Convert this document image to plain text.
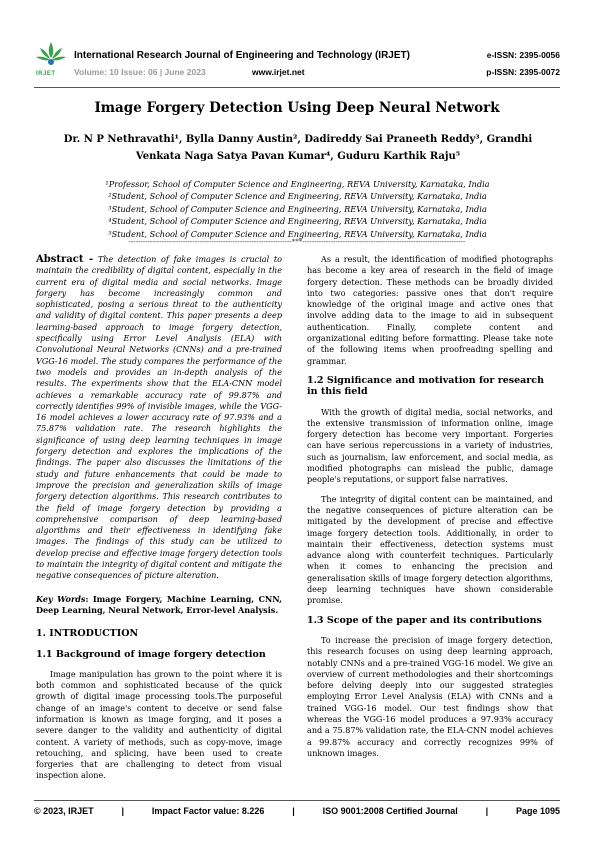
IRJET
International Research Journal of Engineering and Technology (IRJET)	e-ISSN: 2395-0056
Volume: 10 Issue: 06 | June 2023	www.irjet.net	p-ISSN: 2395-0072
Image Forgery Detection Using Deep Neural Network
Dr. N P Nethravathi¹, Bylla Danny Austin², Dadireddy Sai Praneeth Reddy³, Grandhi Venkata Naga Satya Pavan Kumar⁴, Guduru Karthik Raju⁵
¹Professor, School of Computer Science and Engineering, REVA University, Karnataka, India
²Student, School of Computer Science and Engineering, REVA University, Karnataka, India
³Student, School of Computer Science and Engineering, REVA University, Karnataka, India
⁴Student, School of Computer Science and Engineering, REVA University, Karnataka, India
⁵Student, School of Computer Science and Engineering, REVA University, Karnataka, India
---------------------------------------------------------------------***---------------------------------------------------------------------

Abstract - The detection of fake images is crucial to maintain the credibility of digital content, especially in the current era of digital media and social networks. Image forgery has become increasingly common and sophisticated, posing a serious threat to the authenticity and validity of digital content. This paper presents a deep learning-based approach to image forgery detection, specifically using Error Level Analysis (ELA) with Convolutional Neural Networks (CNNs) and a pre-trained VGG-16 model. The study compares the performance of the two models and provides an in-depth analysis of the results. The experiments show that the ELA-CNN model achieves a remarkable accuracy rate of 99.87% and correctly identifies 99% of invisible images, while the VGG-16 model achieves a lower accuracy rate of 97.93% and a 75.87% validation rate. The research highlights the significance of using deep learning techniques in image forgery detection and explores the implications of the findings. The paper also discusses the limitations of the study and future enhancements that could be made to improve the precision and generalization skills of image forgery detection algorithms. This research contributes to the field of image forgery detection by providing a comprehensive comparison of deep learning-based algorithms and their effectiveness in identifying fake images. The findings of this study can be utilized to develop precise and effective image forgery detection tools to maintain the integrity of digital content and mitigate the negative consequences of picture alteration.

Key Words: Image Forgery, Machine Learning, CNN, Deep Learning, Neural Network, Error-level Analysis.

1. INTRODUCTION
1.1 Background of image forgery detection

Image manipulation has grown to the point where it is both common and sophisticated because of the quick growth of digital image processing tools.The purposeful change of an image's content to deceive or send false information is known as image forging, and it poses a severe danger to the validity and authenticity of digital content. A variety of methods, such as copy-move, image retouching, and splicing, have been used to create forgeries that are challenging to detect from visual inspection alone.

As a result, the identification of modified photographs has become a key area of research in the field of image forgery detection. These methods can be broadly divided into two categories: passive ones that don't require knowledge of the original image and active ones that involve adding data to the image to aid in subsequent authentication. Finally, complete content and organizational editing before formatting. Please take note of the following items when proofreading spelling and grammar.

1.2 Significance and motivation for research in this field

With the growth of digital media, social networks, and the extensive transmission of information online, image forgery detection has become very important. Forgeries can have serious repercussions in a variety of industries, such as journalism, law enforcement, and social media, as modified photographs can mislead the public, damage people's reputations, or support false narratives.

The integrity of digital content can be maintained, and the negative consequences of picture alteration can be mitigated by the development of precise and effective image forgery detection tools. Additionally, in order to maintain their effectiveness, detection systems must advance along with counterfeit techniques. Particularly when it comes to enhancing the precision and generalisation skills of image forgery detection algorithms, deep learning techniques have shown considerable promise.

1.3 Scope of the paper and its contributions

To increase the precision of image forgery detection, this research focuses on using deep learning approach, notably CNNs and a pre-trained VGG-16 model. We give an overview of current methodologies and their shortcomings before delving deeply into our suggested strategies employing Error Level Analysis (ELA) with CNNs and a trained VGG-16 model. Our test findings show that whereas the VGG-16 model produces a 97.93% accuracy and a 75.87% validation rate, the ELA-CNN model achieves a 99.87% accuracy and correctly recognizes 99% of unknown images.

© 2023, IRJET	|	Impact Factor value: 8.226	|	ISO 9001:2008 Certified Journal	|	Page 1095
